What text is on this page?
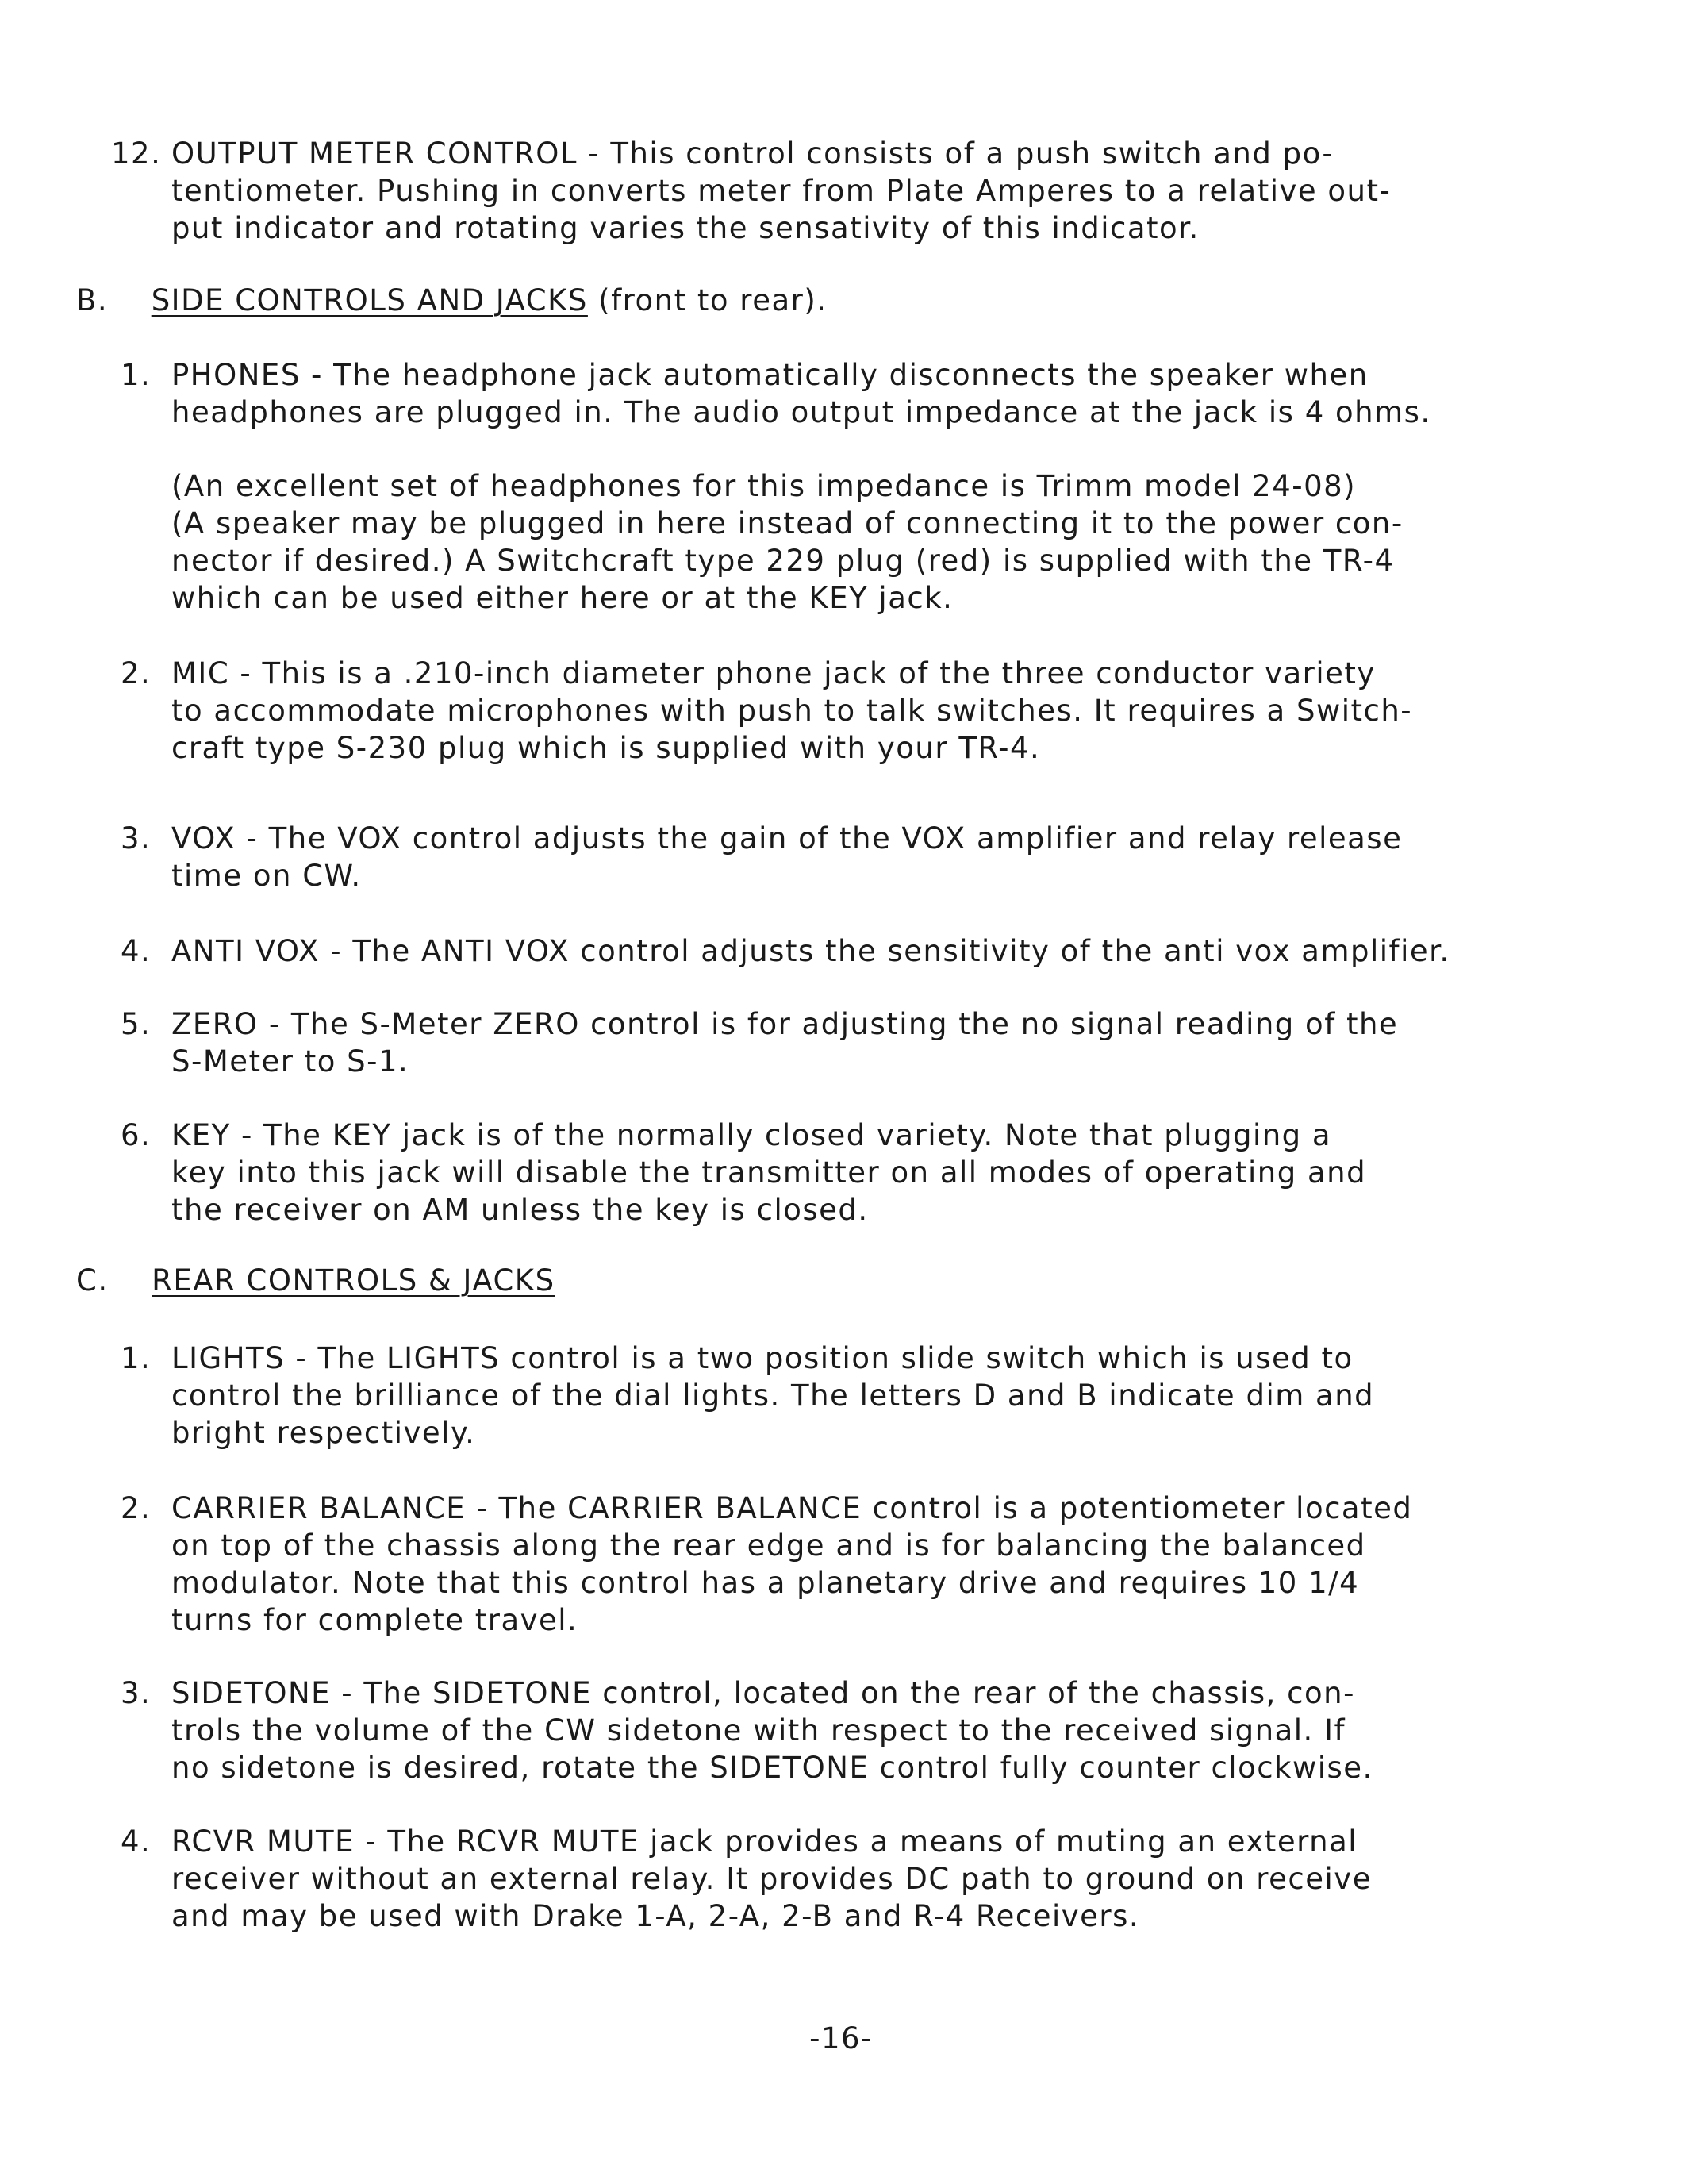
12. OUTPUT METER CONTROL - This control consists of a push switch and po-
tentiometer. Pushing in converts meter from Plate Amperes to a relative out-
put indicator and rotating varies the sensativity of this indicator.
B. SIDE CONTROLS AND JACKS (front to rear).
1. PHONES - The headphone jack automatically disconnects the speaker when
headphones are plugged in. The audio output impedance at the jack is 4 ohms.
(An excellent set of headphones for this impedance is Trimm model 24-08)
(A speaker may be plugged in here instead of connecting it to the power con-
nector if desired.) A Switchcraft type 229 plug (red) is supplied with the TR-4
which can be used either here or at the KEY jack.
2. MIC - This is a .210-inch diameter phone jack of the three conductor variety
to accommodate microphones with push to talk switches. It requires a Switch-
craft type S-230 plug which is supplied with your TR-4.
3. VOX - The VOX control adjusts the gain of the VOX amplifier and relay release
time on CW.
4. ANTI VOX - The ANTI VOX control adjusts the sensitivity of the anti vox amplifier.
5. ZERO - The S-Meter ZERO control is for adjusting the no signal reading of the
S-Meter to S-1.
6. KEY - The KEY jack is of the normally closed variety. Note that plugging a
key into this jack will disable the transmitter on all modes of operating and
the receiver on AM unless the key is closed.
C. REAR CONTROLS & JACKS
1. LIGHTS - The LIGHTS control is a two position slide switch which is used to
control the brilliance of the dial lights. The letters D and B indicate dim and
bright respectively.
2. CARRIER BALANCE - The CARRIER BALANCE control is a potentiometer located
on top of the chassis along the rear edge and is for balancing the balanced
modulator. Note that this control has a planetary drive and requires 10 1/4
turns for complete travel.
3. SIDETONE - The SIDETONE control, located on the rear of the chassis, con-
trols the volume of the CW sidetone with respect to the received signal. If
no sidetone is desired, rotate the SIDETONE control fully counter clockwise.
4. RCVR MUTE - The RCVR MUTE jack provides a means of muting an external
receiver without an external relay. It provides DC path to ground on receive
and may be used with Drake 1-A, 2-A, 2-B and R-4 Receivers.
-16-
